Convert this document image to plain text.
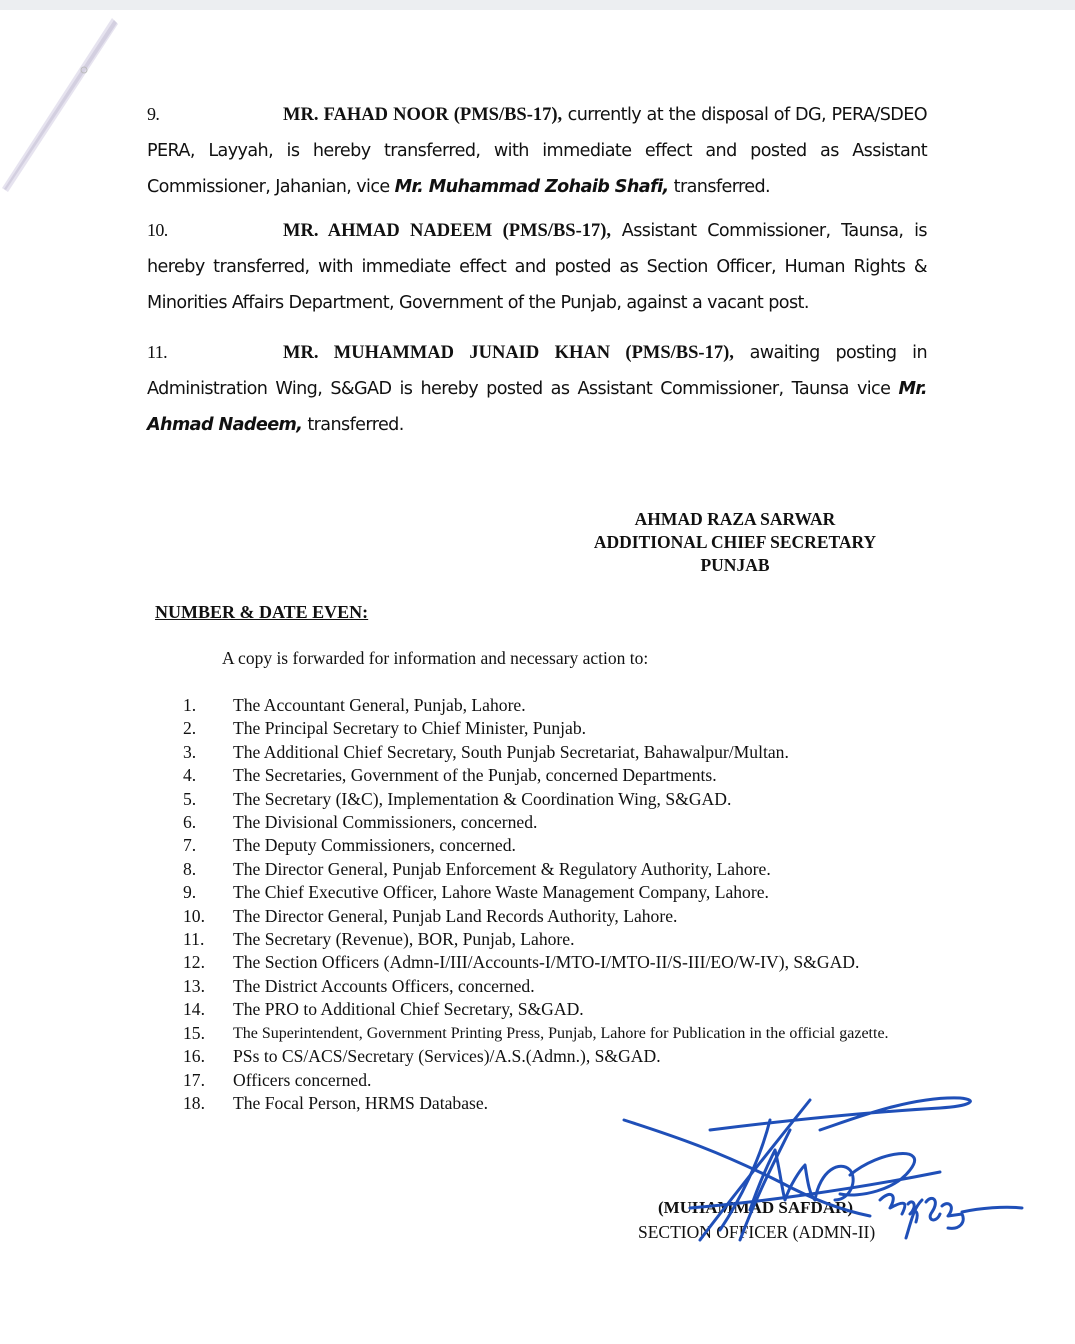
9.	MR. FAHAD NOOR (PMS/BS-17), currently at the disposal of DG, PERA/SDEO PERA, Layyah, is hereby transferred, with immediate effect and posted as Assistant Commissioner, Jahanian, vice Mr. Muhammad Zohaib Shafi, transferred.
10.	MR. AHMAD NADEEM (PMS/BS-17), Assistant Commissioner, Taunsa, is hereby transferred, with immediate effect and posted as Section Officer, Human Rights & Minorities Affairs Department, Government of the Punjab, against a vacant post.
11.	MR. MUHAMMAD JUNAID KHAN (PMS/BS-17), awaiting posting in Administration Wing, S&GAD is hereby posted as Assistant Commissioner, Taunsa vice Mr. Ahmad Nadeem, transferred.
AHMAD RAZA SARWAR
ADDITIONAL CHIEF SECRETARY
PUNJAB
NUMBER & DATE EVEN:
A copy is forwarded for information and necessary action to:
1.	The Accountant General, Punjab, Lahore.
2.	The Principal Secretary to Chief Minister, Punjab.
3.	The Additional Chief Secretary, South Punjab Secretariat, Bahawalpur/Multan.
4.	The Secretaries, Government of the Punjab, concerned Departments.
5.	The Secretary (I&C), Implementation & Coordination Wing, S&GAD.
6.	The Divisional Commissioners, concerned.
7.	The Deputy Commissioners, concerned.
8.	The Director General, Punjab Enforcement & Regulatory Authority, Lahore.
9.	The Chief Executive Officer, Lahore Waste Management Company, Lahore.
10.	The Director General, Punjab Land Records Authority, Lahore.
11.	The Secretary (Revenue), BOR, Punjab, Lahore.
12.	The Section Officers (Admn-I/III/Accounts-I/MTO-I/MTO-II/S-III/EO/W-IV), S&GAD.
13.	The District Accounts Officers, concerned.
14.	The PRO to Additional Chief Secretary, S&GAD.
15.	The Superintendent, Government Printing Press, Punjab, Lahore for Publication in the official gazette.
16.	PSs to CS/ACS/Secretary (Services)/A.S.(Admn.), S&GAD.
17.	Officers concerned.
18.	The Focal Person, HRMS Database.
(MUHAMMAD SAFDAR)
SECTION OFFICER (ADMN-II)
